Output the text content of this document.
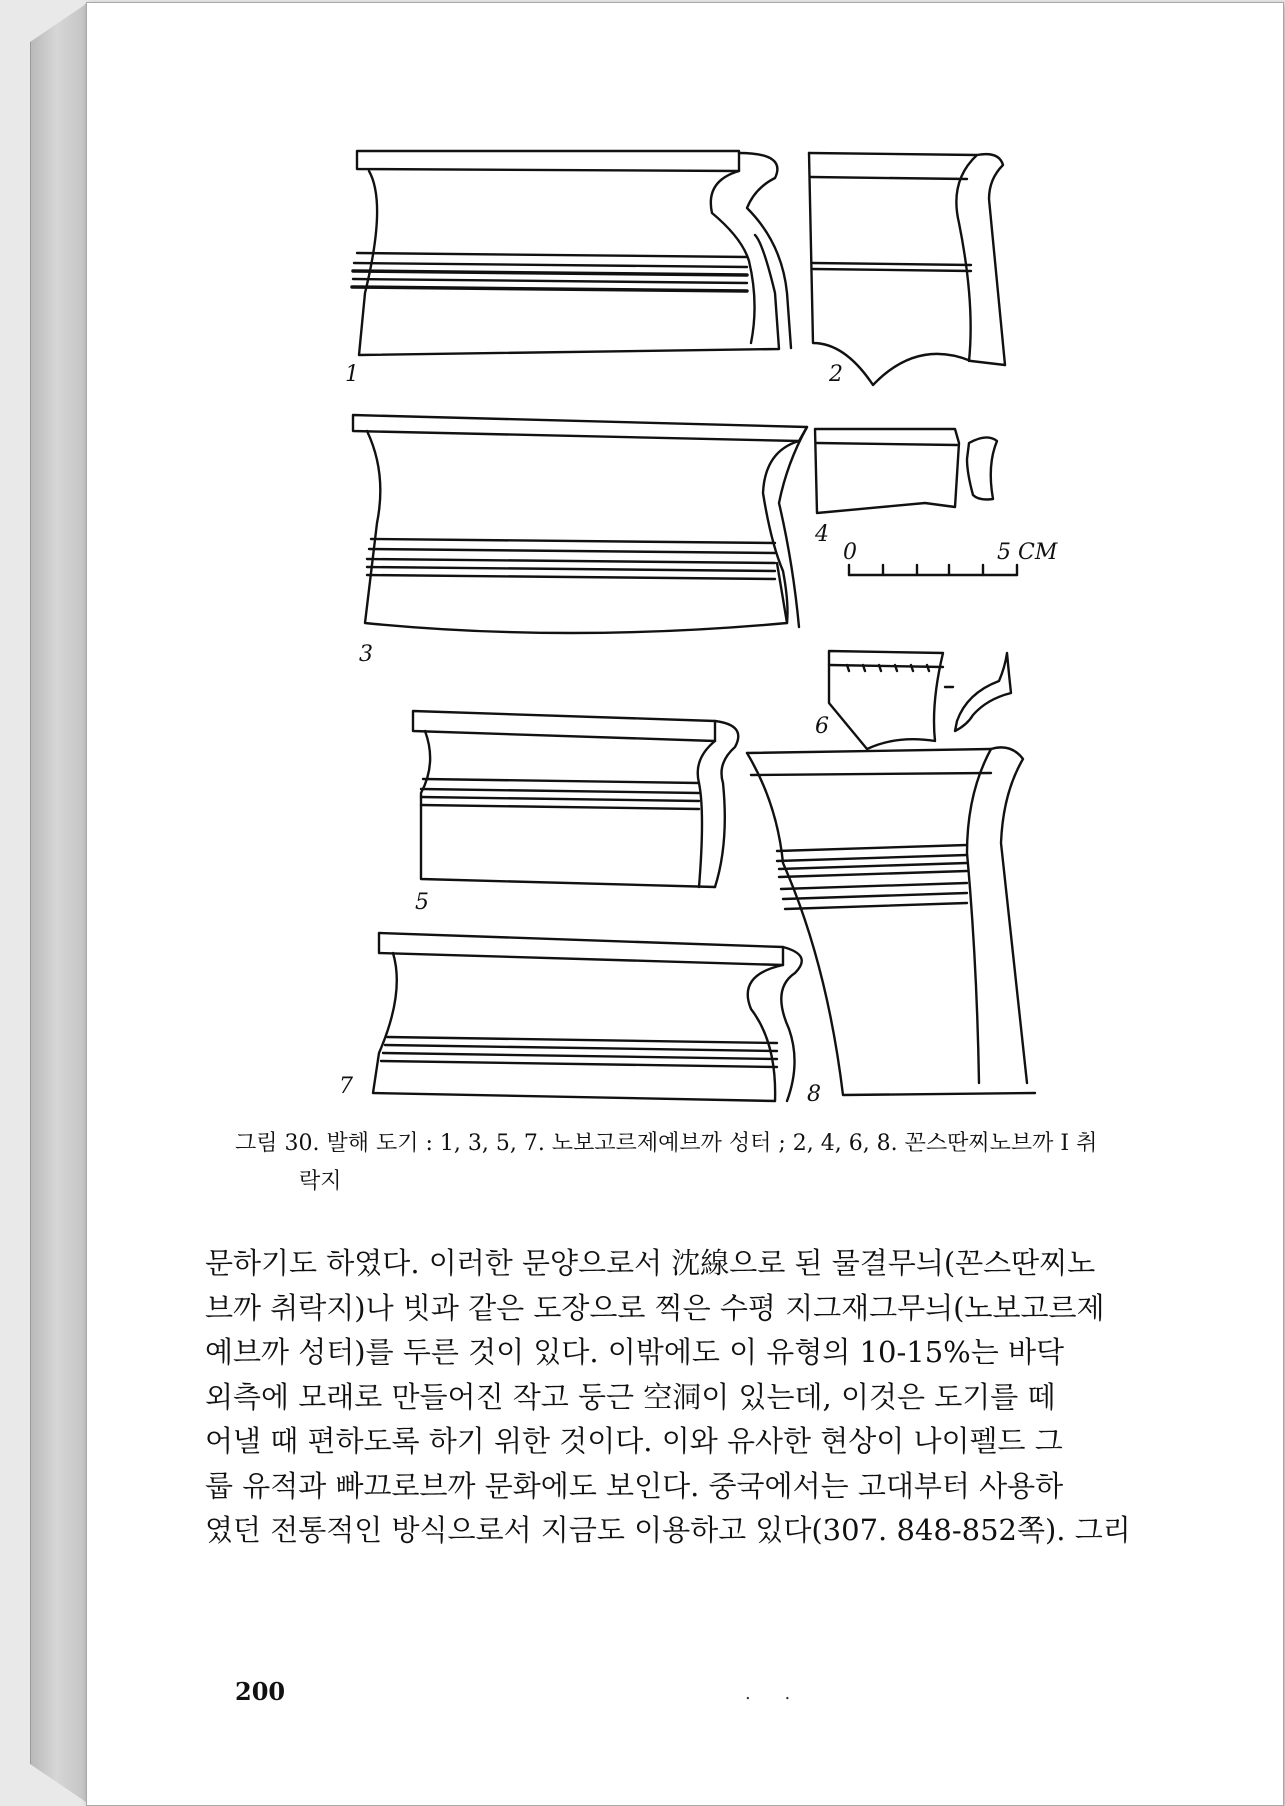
1	2
3
4
0	5 CM
6
5
7	8
그림 30. 발해 도기 : 1, 3, 5, 7. 노보고르제예브까 성터 ; 2, 4, 6, 8. 꼰스딴찌노브까 I 취
락지

문하기도 하였다. 이러한 문양으로서 沈線으로 된 물결무늬(꼰스딴찌노

브까 취락지)나 빗과 같은 도장으로 찍은 수평 지그재그무늬(노보고르제

예브까 성터)를 두른 것이 있다. 이밖에도 이 유형의 10-15%는 바닥

외측에 모래로 만들어진 작고 둥근 空洞이 있는데, 이것은 도기를 떼

어낼 때 편하도록 하기 위한 것이다. 이와 유사한 현상이 나이펠드 그

룹 유적과 빠끄로브까 문화에도 보인다. 중국에서는 고대부터 사용하

였던 전통적인 방식으로서 지금도 이용하고 있다(307. 848-852쪽). 그리

200	. .
